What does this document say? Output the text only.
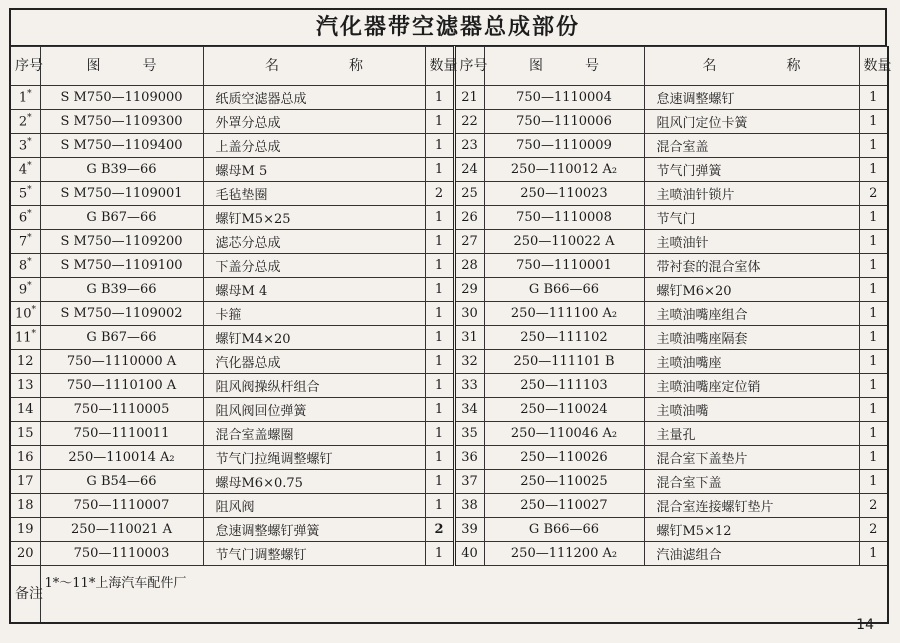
汽化器带空滤器总成部份
序号	图　　　号	名　　　　　称	数量	序号	图　　　号	名　　　　　称	数量
1*	S M750—1109000	纸质空滤器总成	1	21	750—1110004	怠速调整螺钉	1
2*	S M750—1109300	外罩分总成	1	22	750—1110006	阻风门定位卡簧	1
3*	S M750—1109400	上盖分总成	1	23	750—1110009	混合室盖	1
4*	G B39—66	螺母M 5	1	24	250—110012 A₂	节气门弹簧	1
5*	S M750—1109001	毛毡垫圈	2	25	250—110023	主喷油针锁片	2
6*	G B67—66	螺钉M5×25	1	26	750—1110008	节气门	1
7*	S M750—1109200	滤芯分总成	1	27	250—110022 A	主喷油针	1
8*	S M750—1109100	下盖分总成	1	28	750—1110001	带衬套的混合室体	1
9*	G B39—66	螺母M 4	1	29	G B66—66	螺钉M6×20	1
10*	S M750—1109002	卡箍	1	30	250—111100 A₂	主喷油嘴座组合	1
11*	G B67—66	螺钉M4×20	1	31	250—111102	主喷油嘴座隔套	1
12	750—1110000 A	汽化器总成	1	32	250—111101 B	主喷油嘴座	1
13	750—1110100 A	阻风阀操纵杆组合	1	33	250—111103	主喷油嘴座定位销	1
14	750—1110005	阻风阀回位弹簧	1	34	250—110024	主喷油嘴	1
15	750—1110011	混合室盖螺圈	1	35	250—110046 A₂	主量孔	1
16	250—110014 A₂	节气门拉绳调整螺钉	1	36	250—110026	混合室下盖垫片	1
17	G B54—66	螺母M6×0.75	1	37	250—110025	混合室下盖	1
18	750—1110007	阻风阀	1	38	250—110027	混合室连接螺钉垫片	2
19	250—110021 A	怠速调整螺钉弹簧	2	39	G B66—66	螺钉M5×12	2
20	750—1110003	节气门调整螺钉	1	40	250—111200 A₂	汽油滤组合	1
备注	1*～11*上海汽车配件厂						
14
